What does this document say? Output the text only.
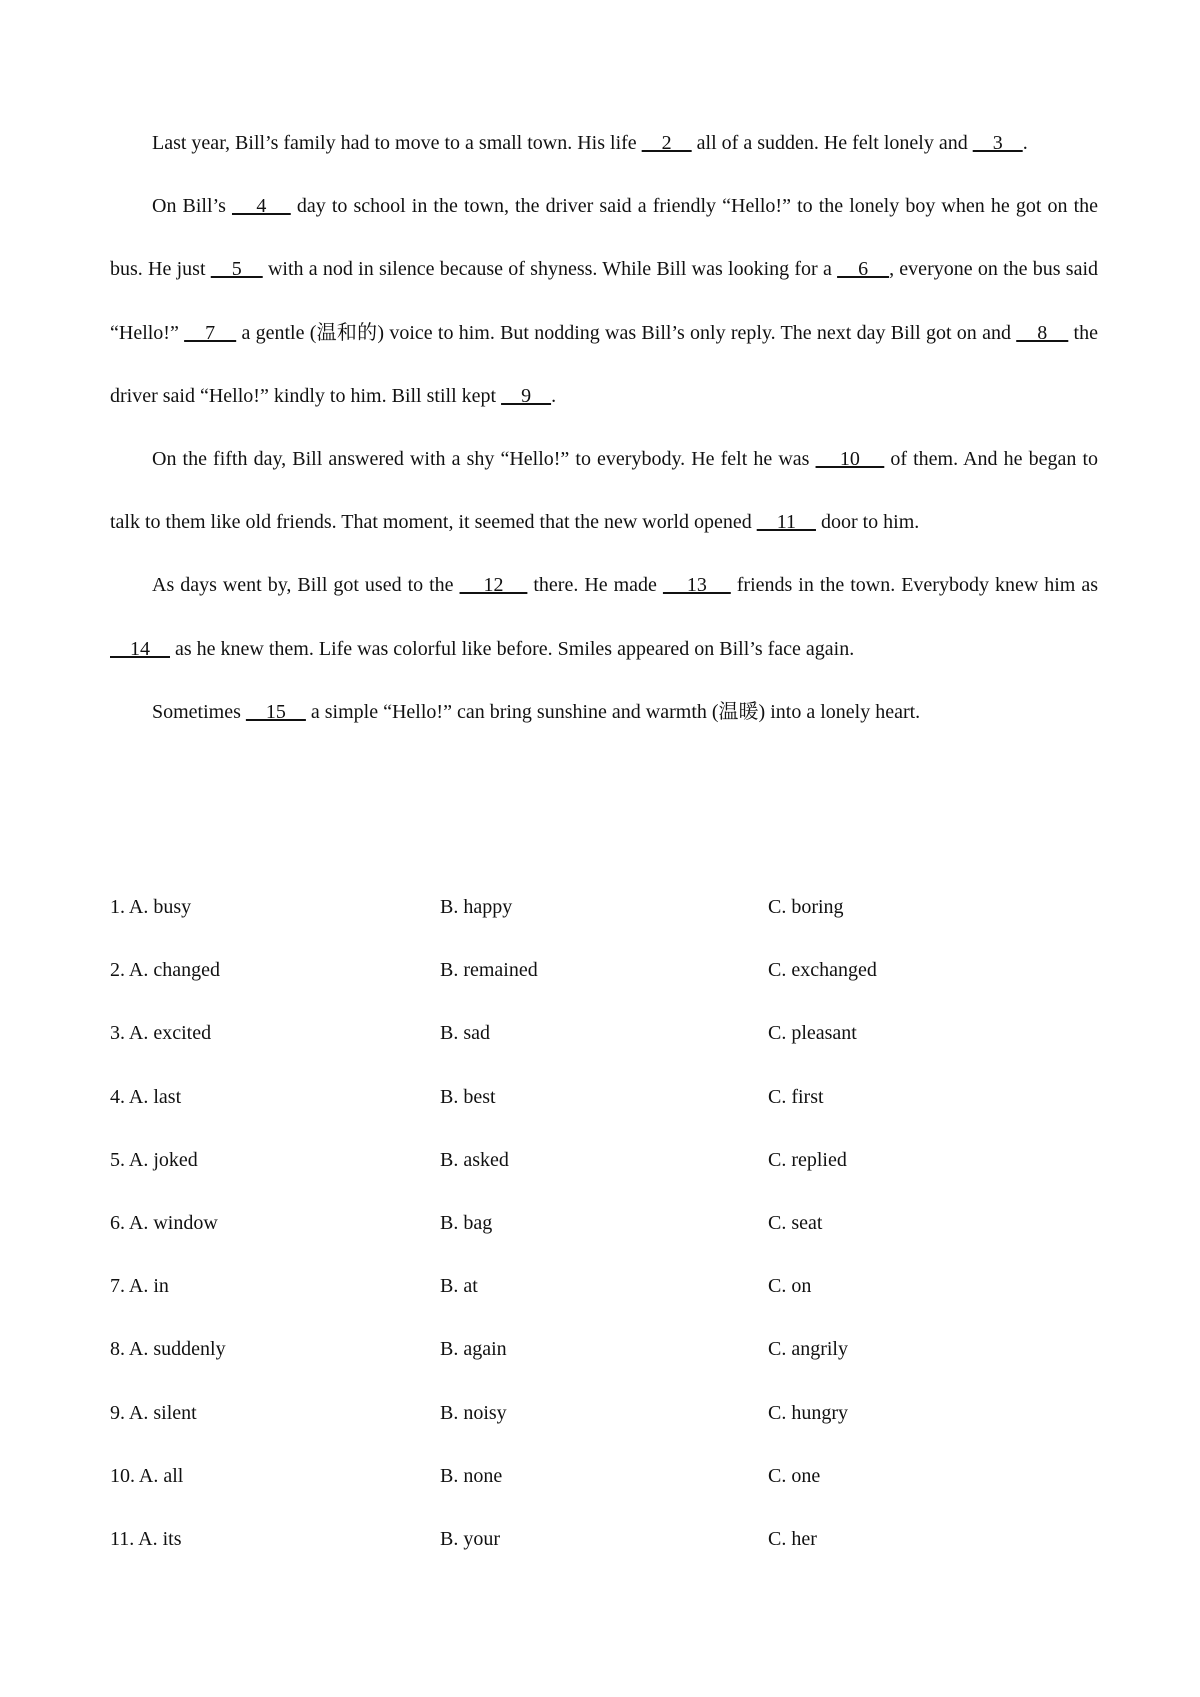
Last year, Bill’s family had to move to a small town. His life     2     all of a sudden. He felt lonely and     3    .

On Bill’s     4     day to school in the town, the driver said a friendly “Hello!” to the lonely boy when he got on the bus. He just     5     with a nod in silence because of shyness. While Bill was looking for a     6    , everyone on the bus said “Hello!”     7     a gentle (温和的) voice to him. But nodding was Bill’s only reply. The next day Bill got on and     8     the driver said “Hello!” kindly to him. Bill still kept     9    .

On the fifth day, Bill answered with a shy “Hello!” to everybody. He felt he was     10     of them. And he began to talk to them like old friends. That moment, it seemed that the new world opened     11     door to him.

As days went by, Bill got used to the     12     there. He made     13     friends in the town. Everybody knew him as     14     as he knew them. Life was colorful like before. Smiles appeared on Bill’s face again.

Sometimes     15     a simple “Hello!” can bring sunshine and warmth (温暖) into a lonely heart.

1. A. busy	B. happy	C. boring
2. A. changed	B. remained	C. exchanged
3. A. excited	B. sad	C. pleasant
4. A. last	B. best	C. first
5. A. joked	B. asked	C. replied
6. A. window	B. bag	C. seat
7. A. in	B. at	C. on
8. A. suddenly	B. again	C. angrily
9. A. silent	B. noisy	C. hungry
10. A. all	B. none	C. one
11. A. its	B. your	C. her
